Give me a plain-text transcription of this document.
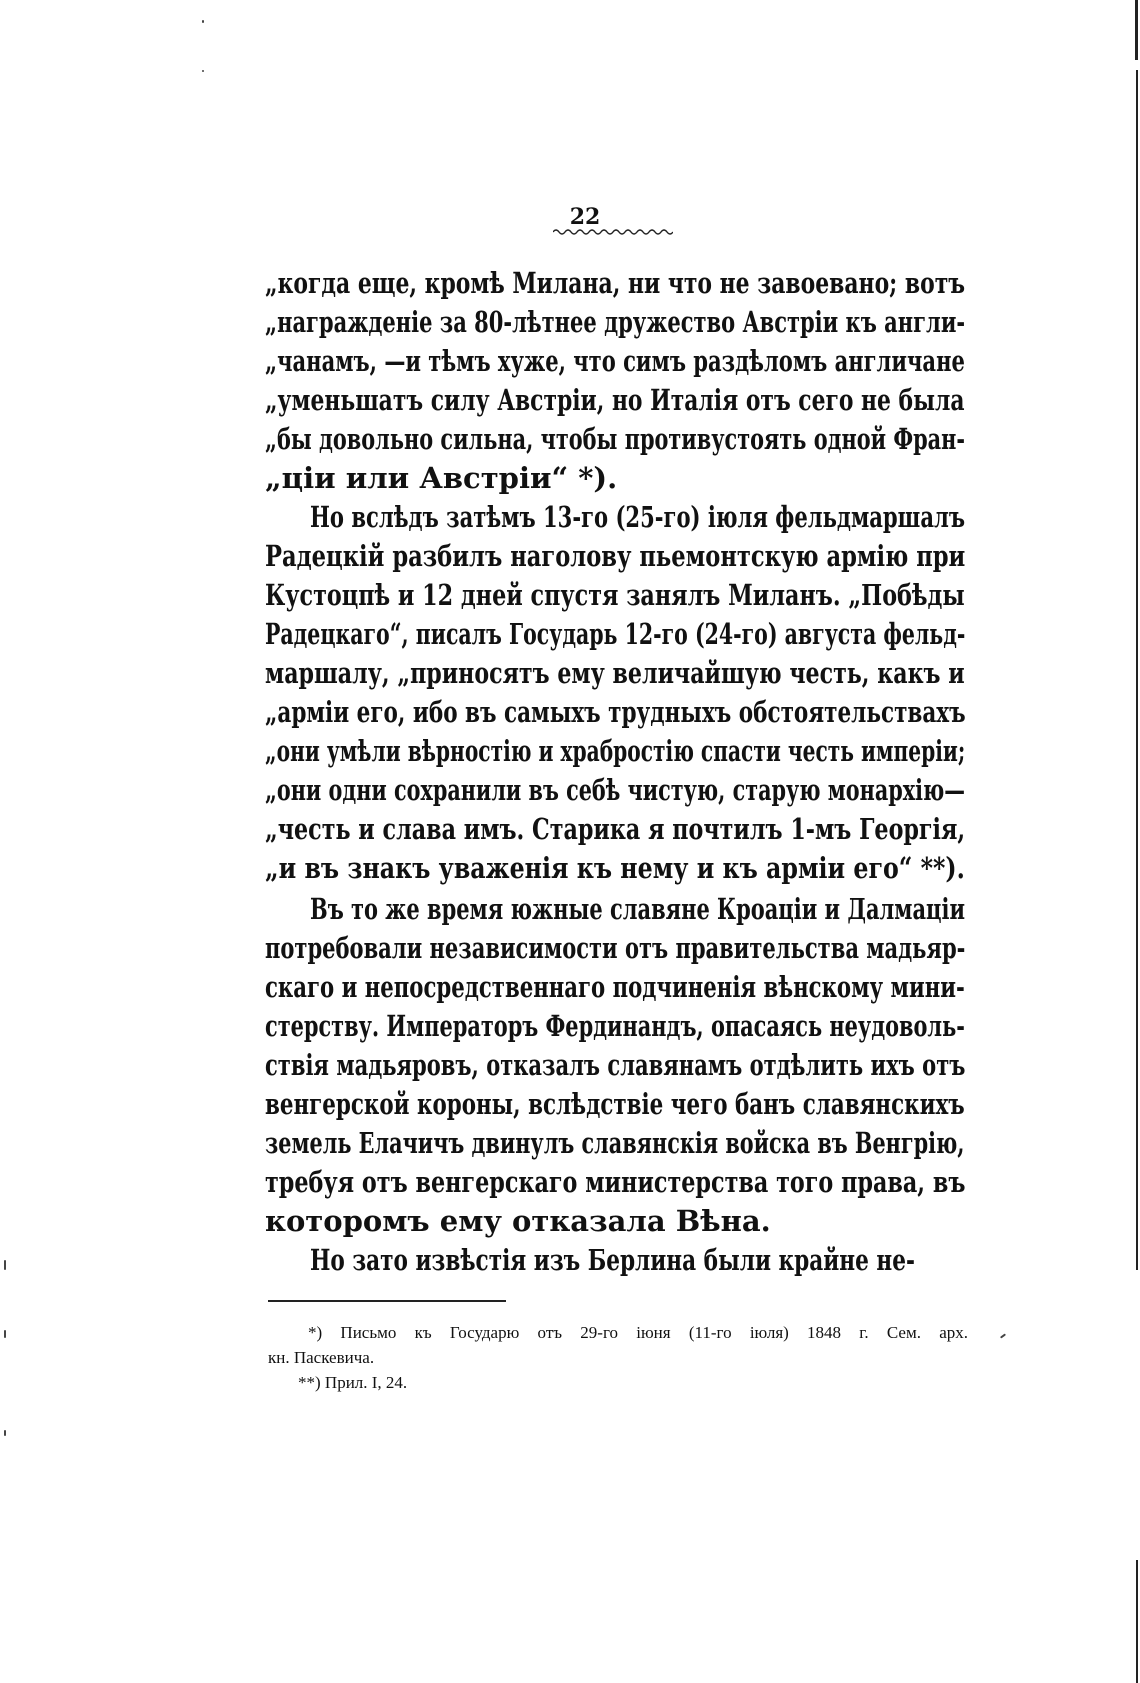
22
„когда еще, кромѣ Милана, ни что не завоевано; вотъ
„награжденіе за 80-лѣтнее дружество Австріи къ англи-
„чанамъ, —и тѣмъ хуже, что симъ раздѣломъ англичане
„уменьшатъ силу Австріи, но Италія отъ сего не была
„бы довольно сильна, чтобы противустоять одной Фран-
„ціи или Австріи“ *).
Но вслѣдъ затѣмъ 13-го (25-го) іюля фельдмаршалъ
Радецкій разбилъ наголову пьемонтскую армію при
Кустоцпѣ и 12 дней спустя занялъ Миланъ. „Побѣды
Радецкаго“, писалъ Государь 12-го (24-го) августа фельд-
маршалу, „приносятъ ему величайшую честь, какъ и
„арміи его, ибо въ самыхъ трудныхъ обстоятельствахъ
„они умѣли вѣрностію и храбростію спасти честь имперіи;
„они одни сохранили въ себѣ чистую, старую монархію—
„честь и слава имъ. Старика я почтилъ 1-мъ Георгія,
„и въ знакъ уваженія къ нему и къ арміи его“ **).
Въ то же время южные славяне Кроаціи и Далмаціи
потребовали независимости отъ правительства мадьяр-
скаго и непосредственнаго подчиненія вѣнскому мини-
стерству. Императоръ Фердинандъ, опасаясь неудоволь-
ствія мадьяровъ, отказалъ славянамъ отдѣлить ихъ отъ
венгерской короны, вслѣдствіе чего банъ славянскихъ
земель Елачичъ двинулъ славянскія войска въ Венгрію,
требуя отъ венгерскаго министерства того права, въ
которомъ ему отказала Вѣна.
Но зато извѣстія изъ Берлина были крайне не-
*) Письмо къ Государю отъ 29-го іюня (11-го іюля) 1848 г. Сем. арх.
кн. Паскевича.
**) Прил. I, 24.
